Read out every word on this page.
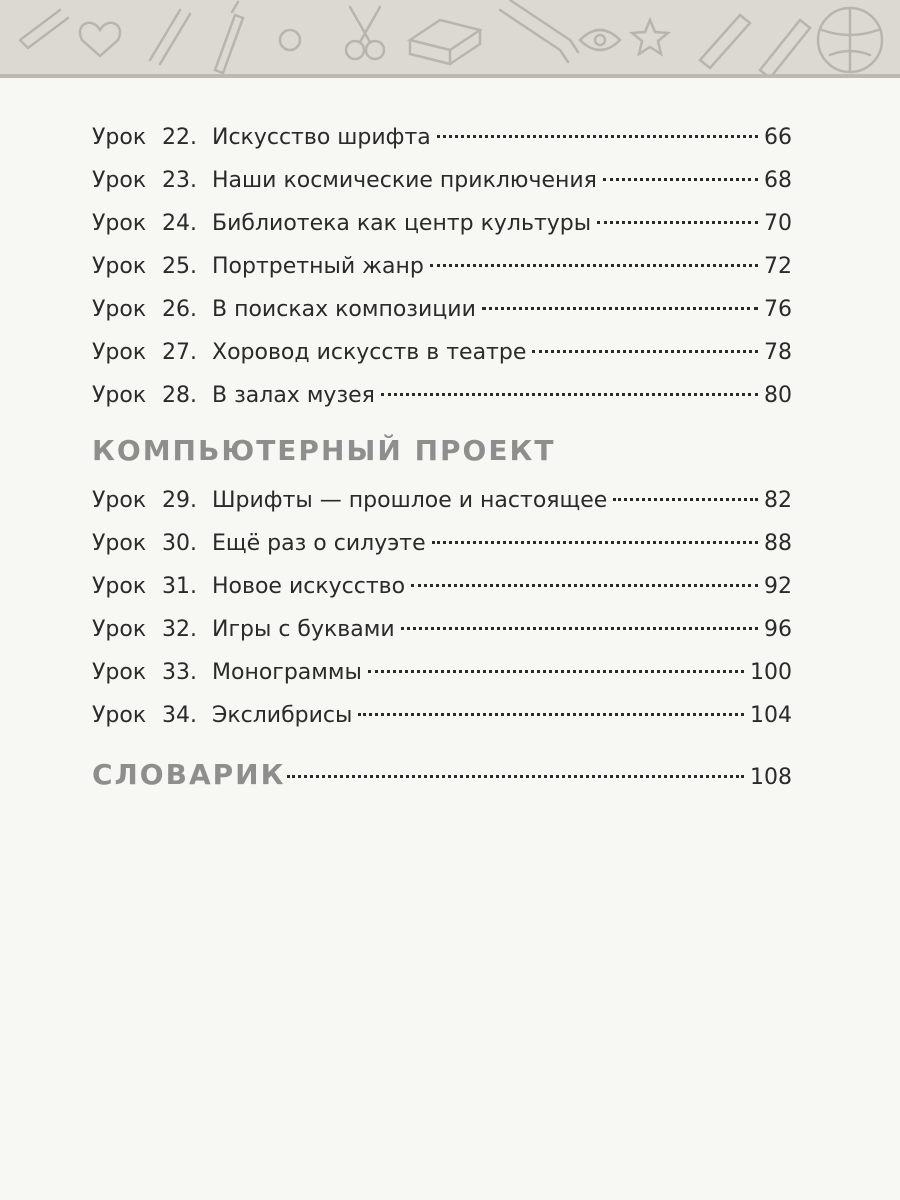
Урок 22. Искусство шрифта	66
Урок 23. Наши космические приключения	68
Урок 24. Библиотека как центр культуры	70
Урок 25. Портретный жанр	72
Урок 26. В поисках композиции	76
Урок 27. Хоровод искусств в театре	78
Урок 28. В залах музея	80
КОМПЬЮТЕРНЫЙ ПРОЕКТ
Урок 29. Шрифты — прошлое и настоящее	82
Урок 30. Ещё раз о силуэте	88
Урок 31. Новое искусство	92
Урок 32. Игры с буквами	96
Урок 33. Монограммы	100
Урок 34. Экслибрисы	104
СЛОВАРИК	108
